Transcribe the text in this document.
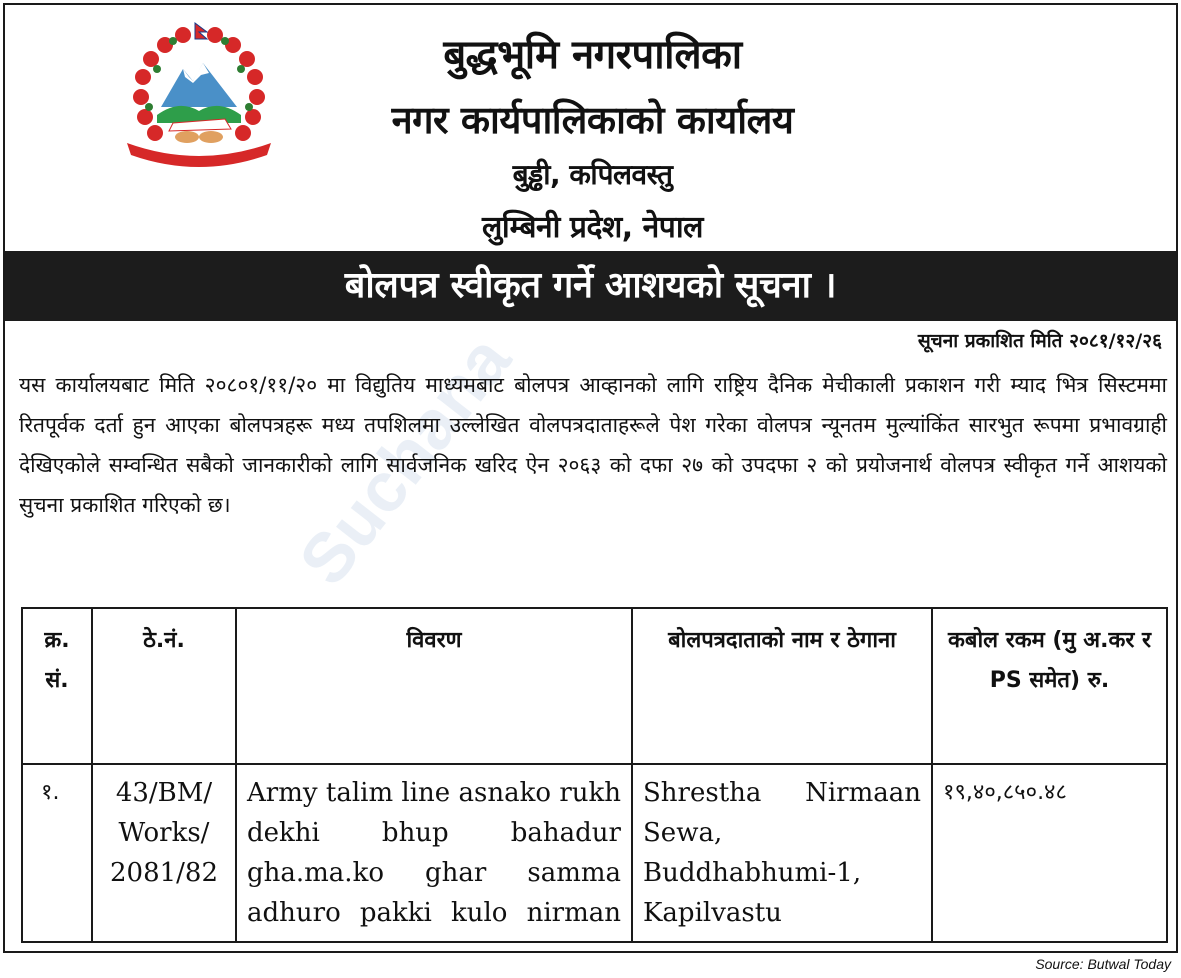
बुद्धभूमि नगरपालिका
नगर कार्यपालिकाको कार्यालय
बुड्ढी, कपिलवस्तु
लुम्बिनी प्रदेश, नेपाल
बोलपत्र स्वीकृत गर्ने आशयको सूचना ।
सूचना प्रकाशित मिति २०८१/१२/२६
Suchana

यस कार्यालयबाट मिति २०८०१/११/२० मा विद्युतिय माध्यमबाट बोलपत्र आव्हानको लागि राष्ट्रिय दैनिक मेचीकाली प्रकाशन गरी म्याद भित्र सिस्टममा रितपूर्वक दर्ता हुन आएका बोलपत्रहरू मध्य तपशिलमा उल्लेखित वोलपत्रदाताहरूले पेश गरेका वोलपत्र न्यूनतम मुल्यांकिंत सारभुत रूपमा प्रभावग्राही देखिएकोले सम्वन्धित सबैको जानकारीको लागि सार्वजनिक खरिद ऐन २०६३ को दफा २७ को उपदफा २ को प्रयोजनार्थ वोलपत्र स्वीकृत गर्ने आशयको सुचना प्रकाशित गरिएको छ।

क्र. सं.	ठे.नं.	विवरण	बोलपत्रदाताको नाम र ठेगाना	कबोल रकम (मु अ.कर र PS समेत) रु.
१.	43/BM/ Works/ 2081/82	Army talim line asnako rukh dekhi bhup bahadur gha.ma.ko ghar samma adhuro pakki kulo nirman	Shrestha Nirmaan Sewa, Buddhabhumi-1, Kapilvastu	१९,४०,८५०.४८
Source: Butwal Today
